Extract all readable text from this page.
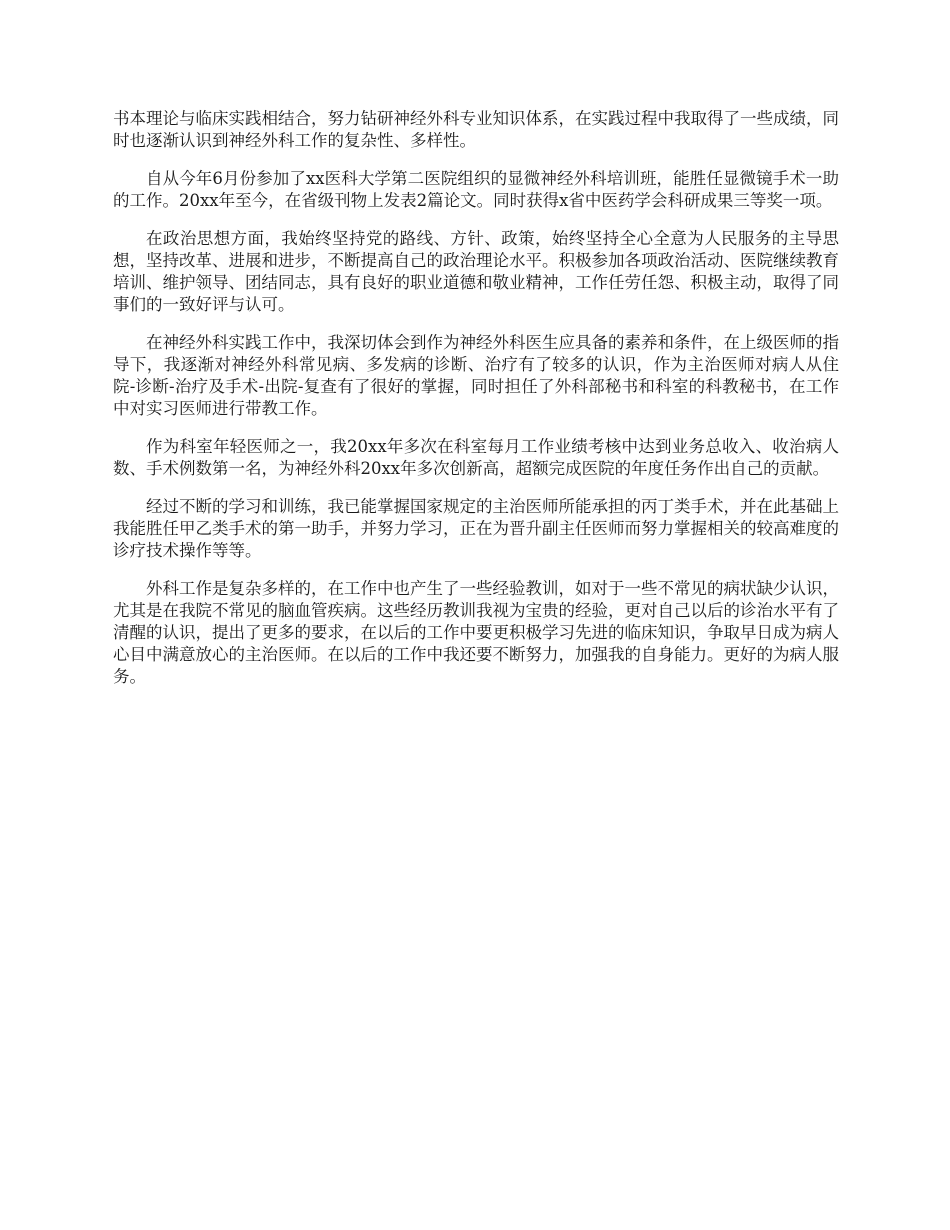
书本理论与临床实践相结合，努力钻研神经外科专业知识体系，在实践过程中我取得了一些成绩，同时也逐渐认识到神经外科工作的复杂性、多样性。

自从今年6月份参加了xx医科大学第二医院组织的显微神经外科培训班，能胜任显微镜手术一助的工作。20xx年至今，在省级刊物上发表2篇论文。同时获得x省中医药学会科研成果三等奖一项。

在政治思想方面，我始终坚持党的路线、方针、政策，始终坚持全心全意为人民服务的主导思想，坚持改革、进展和进步，不断提高自己的政治理论水平。积极参加各项政治活动、医院继续教育培训、维护领导、团结同志，具有良好的职业道德和敬业精神，工作任劳任怨、积极主动，取得了同事们的一致好评与认可。

在神经外科实践工作中，我深切体会到作为神经外科医生应具备的素养和条件，在上级医师的指导下，我逐渐对神经外科常见病、多发病的诊断、治疗有了较多的认识，作为主治医师对病人从住院-诊断-治疗及手术-出院-复查有了很好的掌握，同时担任了外科部秘书和科室的科教秘书，在工作中对实习医师进行带教工作。

作为科室年轻医师之一，我20xx年多次在科室每月工作业绩考核中达到业务总收入、收治病人数、手术例数第一名，为神经外科20xx年多次创新高，超额完成医院的年度任务作出自己的贡献。

经过不断的学习和训练，我已能掌握国家规定的主治医师所能承担的丙丁类手术，并在此基础上我能胜任甲乙类手术的第一助手，并努力学习，正在为晋升副主任医师而努力掌握相关的较高难度的诊疗技术操作等等。

外科工作是复杂多样的，在工作中也产生了一些经验教训，如对于一些不常见的病状缺少认识，尤其是在我院不常见的脑血管疾病。这些经历教训我视为宝贵的经验，更对自己以后的诊治水平有了清醒的认识，提出了更多的要求，在以后的工作中要更积极学习先进的临床知识，争取早日成为病人心目中满意放心的主治医师。在以后的工作中我还要不断努力，加强我的自身能力。更好的为病人服务。
